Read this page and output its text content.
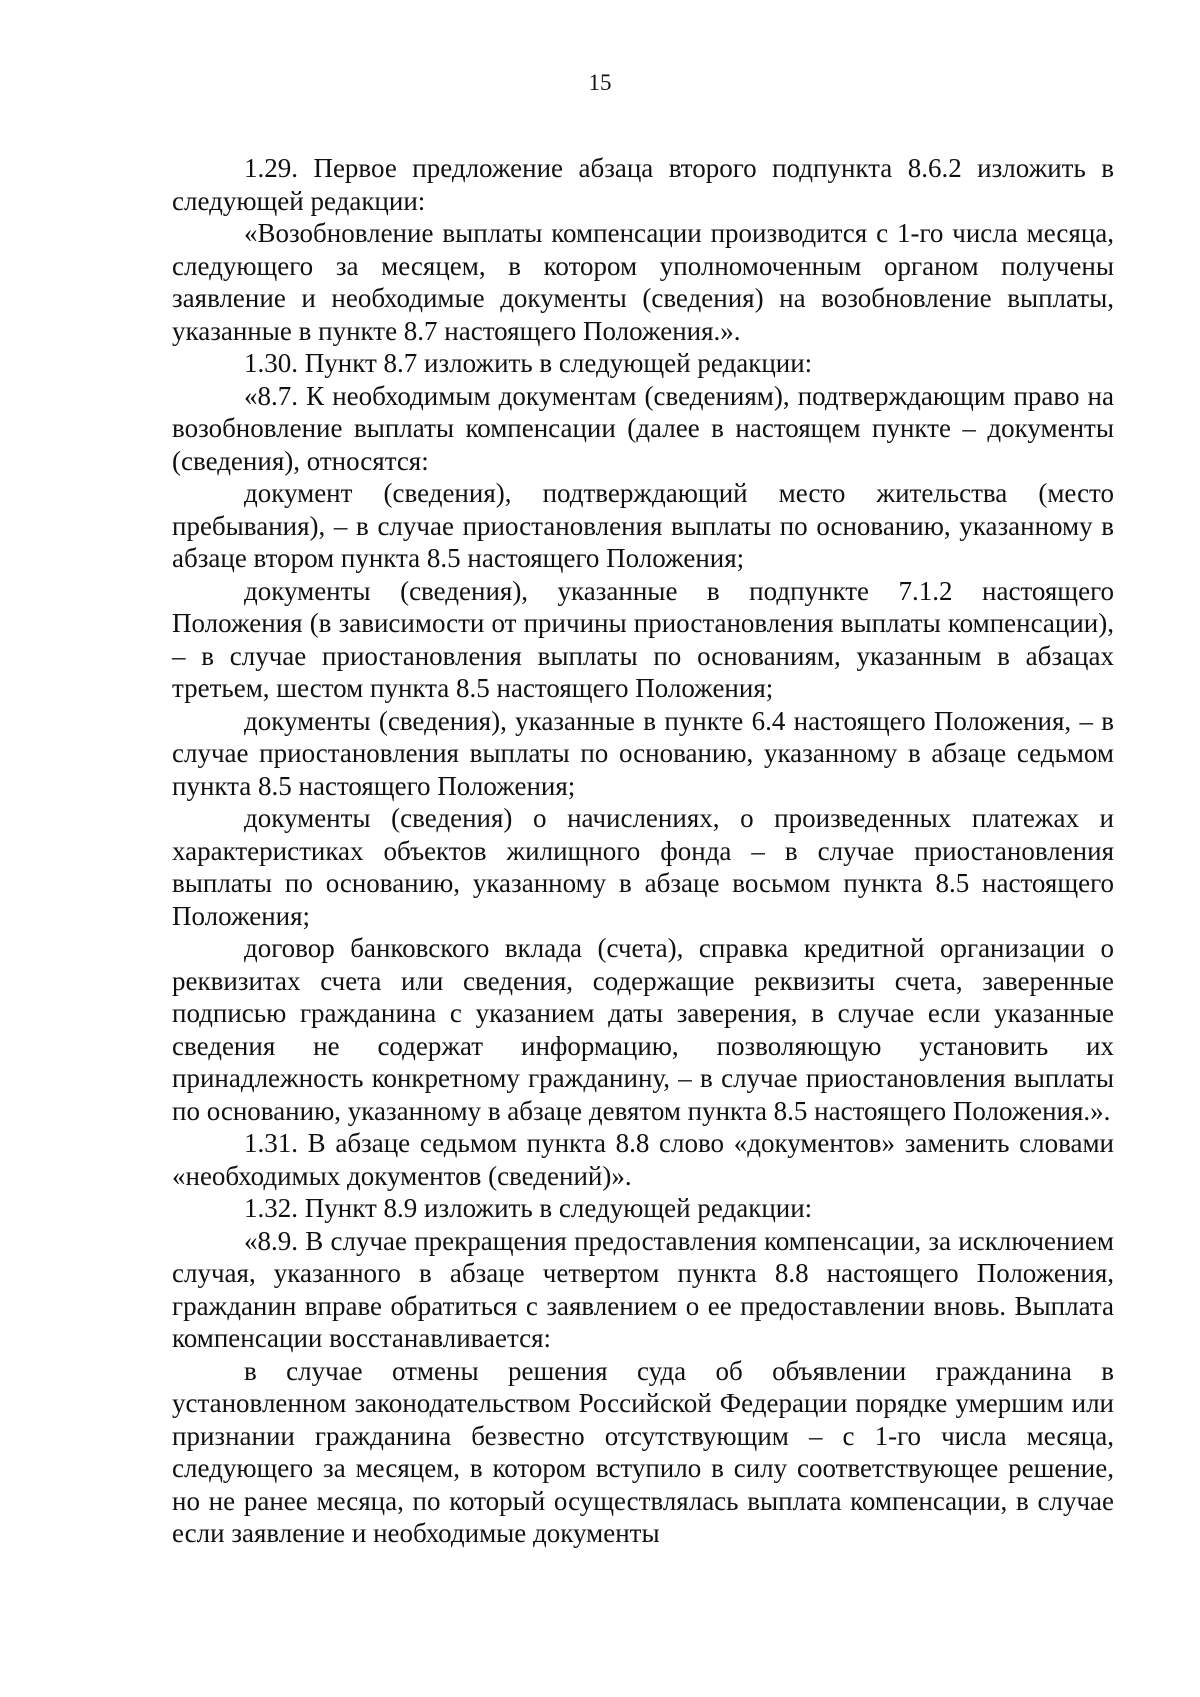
15

1.29. Первое предложение абзаца второго подпункта 8.6.2 изложить в следующей редакции:

«Возобновление выплаты компенсации производится с 1-го числа месяца, следующего за месяцем, в котором уполномоченным органом получены заявление и необходимые документы (сведения) на возобновление выплаты, указанные в пункте 8.7 настоящего Положения.».

1.30. Пункт 8.7 изложить в следующей редакции:

«8.7. К необходимым документам (сведениям), подтверждающим право на возобновление выплаты компенсации (далее в настоящем пункте – документы (сведения), относятся:

документ (сведения), подтверждающий место жительства (место пребывания), – в случае приостановления выплаты по основанию, указанному в абзаце втором пункта 8.5 настоящего Положения;

документы (сведения), указанные в подпункте 7.1.2 настоящего Положения (в зависимости от причины приостановления выплаты компенсации), – в случае приостановления выплаты по основаниям, указанным в абзацах третьем, шестом пункта 8.5 настоящего Положения;

документы (сведения), указанные в пункте 6.4 настоящего Положения, – в случае приостановления выплаты по основанию, указанному в абзаце седьмом пункта 8.5 настоящего Положения;

документы (сведения) о начислениях, о произведенных платежах и характеристиках объектов жилищного фонда – в случае приостановления выплаты по основанию, указанному в абзаце восьмом пункта 8.5 настоящего Положения;

договор банковского вклада (счета), справка кредитной организации о реквизитах счета или сведения, содержащие реквизиты счета, заверенные подписью гражданина с указанием даты заверения, в случае если указанные сведения не содержат информацию, позволяющую установить их принадлежность конкретному гражданину, – в случае приостановления выплаты по основанию, указанному в абзаце девятом пункта 8.5 настоящего Положения.».

1.31. В абзаце седьмом пункта 8.8 слово «документов» заменить словами «необходимых документов (сведений)».

1.32. Пункт 8.9 изложить в следующей редакции:

«8.9. В случае прекращения предоставления компенсации, за исключением случая, указанного в абзаце четвертом пункта 8.8 настоящего Положения, гражданин вправе обратиться с заявлением о ее предоставлении вновь. Выплата компенсации восстанавливается:

в случае отмены решения суда об объявлении гражданина в установленном законодательством Российской Федерации порядке умершим или признании гражданина безвестно отсутствующим – с 1-го числа месяца, следующего за месяцем, в котором вступило в силу соответствующее решение, но не ранее месяца, по который осуществлялась выплата компенсации, в случае если заявление и необходимые документы
